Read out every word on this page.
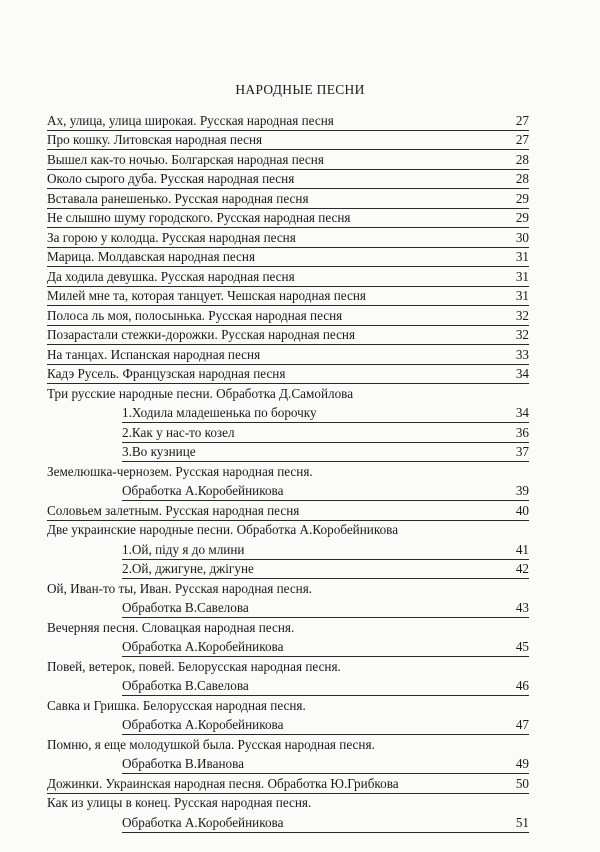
НАРОДНЫЕ ПЕСНИ
Ах, улица, улица широкая. Русская народная песня	27
Про кошку. Литовская народная песня	27
Вышел как-то ночью. Болгарская народная песня	28
Около сырого дуба. Русская народная песня	28
Вставала ранешенько. Русская народная песня	29
Не слышно шуму городского. Русская народная песня	29
За горою у колодца. Русская народная песня	30
Марица. Молдавская народная песня	31
Да ходила девушка. Русская народная песня	31
Милей мне та, которая танцует. Чешская народная песня	31
Полоса ль моя, полосынька. Русская народная песня	32
Позарастали стежки-дорожки. Русская народная песня	32
На танцах. Испанская народная песня	33
Кадэ Русель. Французская народная песня	34
Три русские народные песни. Обработка Д.Самойлова
1.Ходила младешенька по борочку	34
2.Как у нас-то козел	36
3.Во кузнице	37
Земелюшка-чернозем. Русская народная песня.
Обработка А.Коробейникова	39
Соловьем залетным. Русская народная песня	40
Две украинские народные песни. Обработка А.Коробейникова
1.Ой, піду я до млини	41
2.Ой, джигуне, джігуне	42
Ой, Иван-то ты, Иван. Русская народная песня.
Обработка В.Савелова	43
Вечерняя песня. Словацкая народная песня.
Обработка А.Коробейникова	45
Повей, ветерок, повей. Белорусская народная песня.
Обработка В.Савелова	46
Савка и Гришка. Белорусская народная песня.
Обработка А.Коробейникова	47
Помню, я еще молодушкой была. Русская народная песня.
Обработка В.Иванова	49
Дожинки. Украинская народная песня. Обработка Ю.Грибкова	50
Как из улицы в конец. Русская народная песня.
Обработка А.Коробейникова	51
